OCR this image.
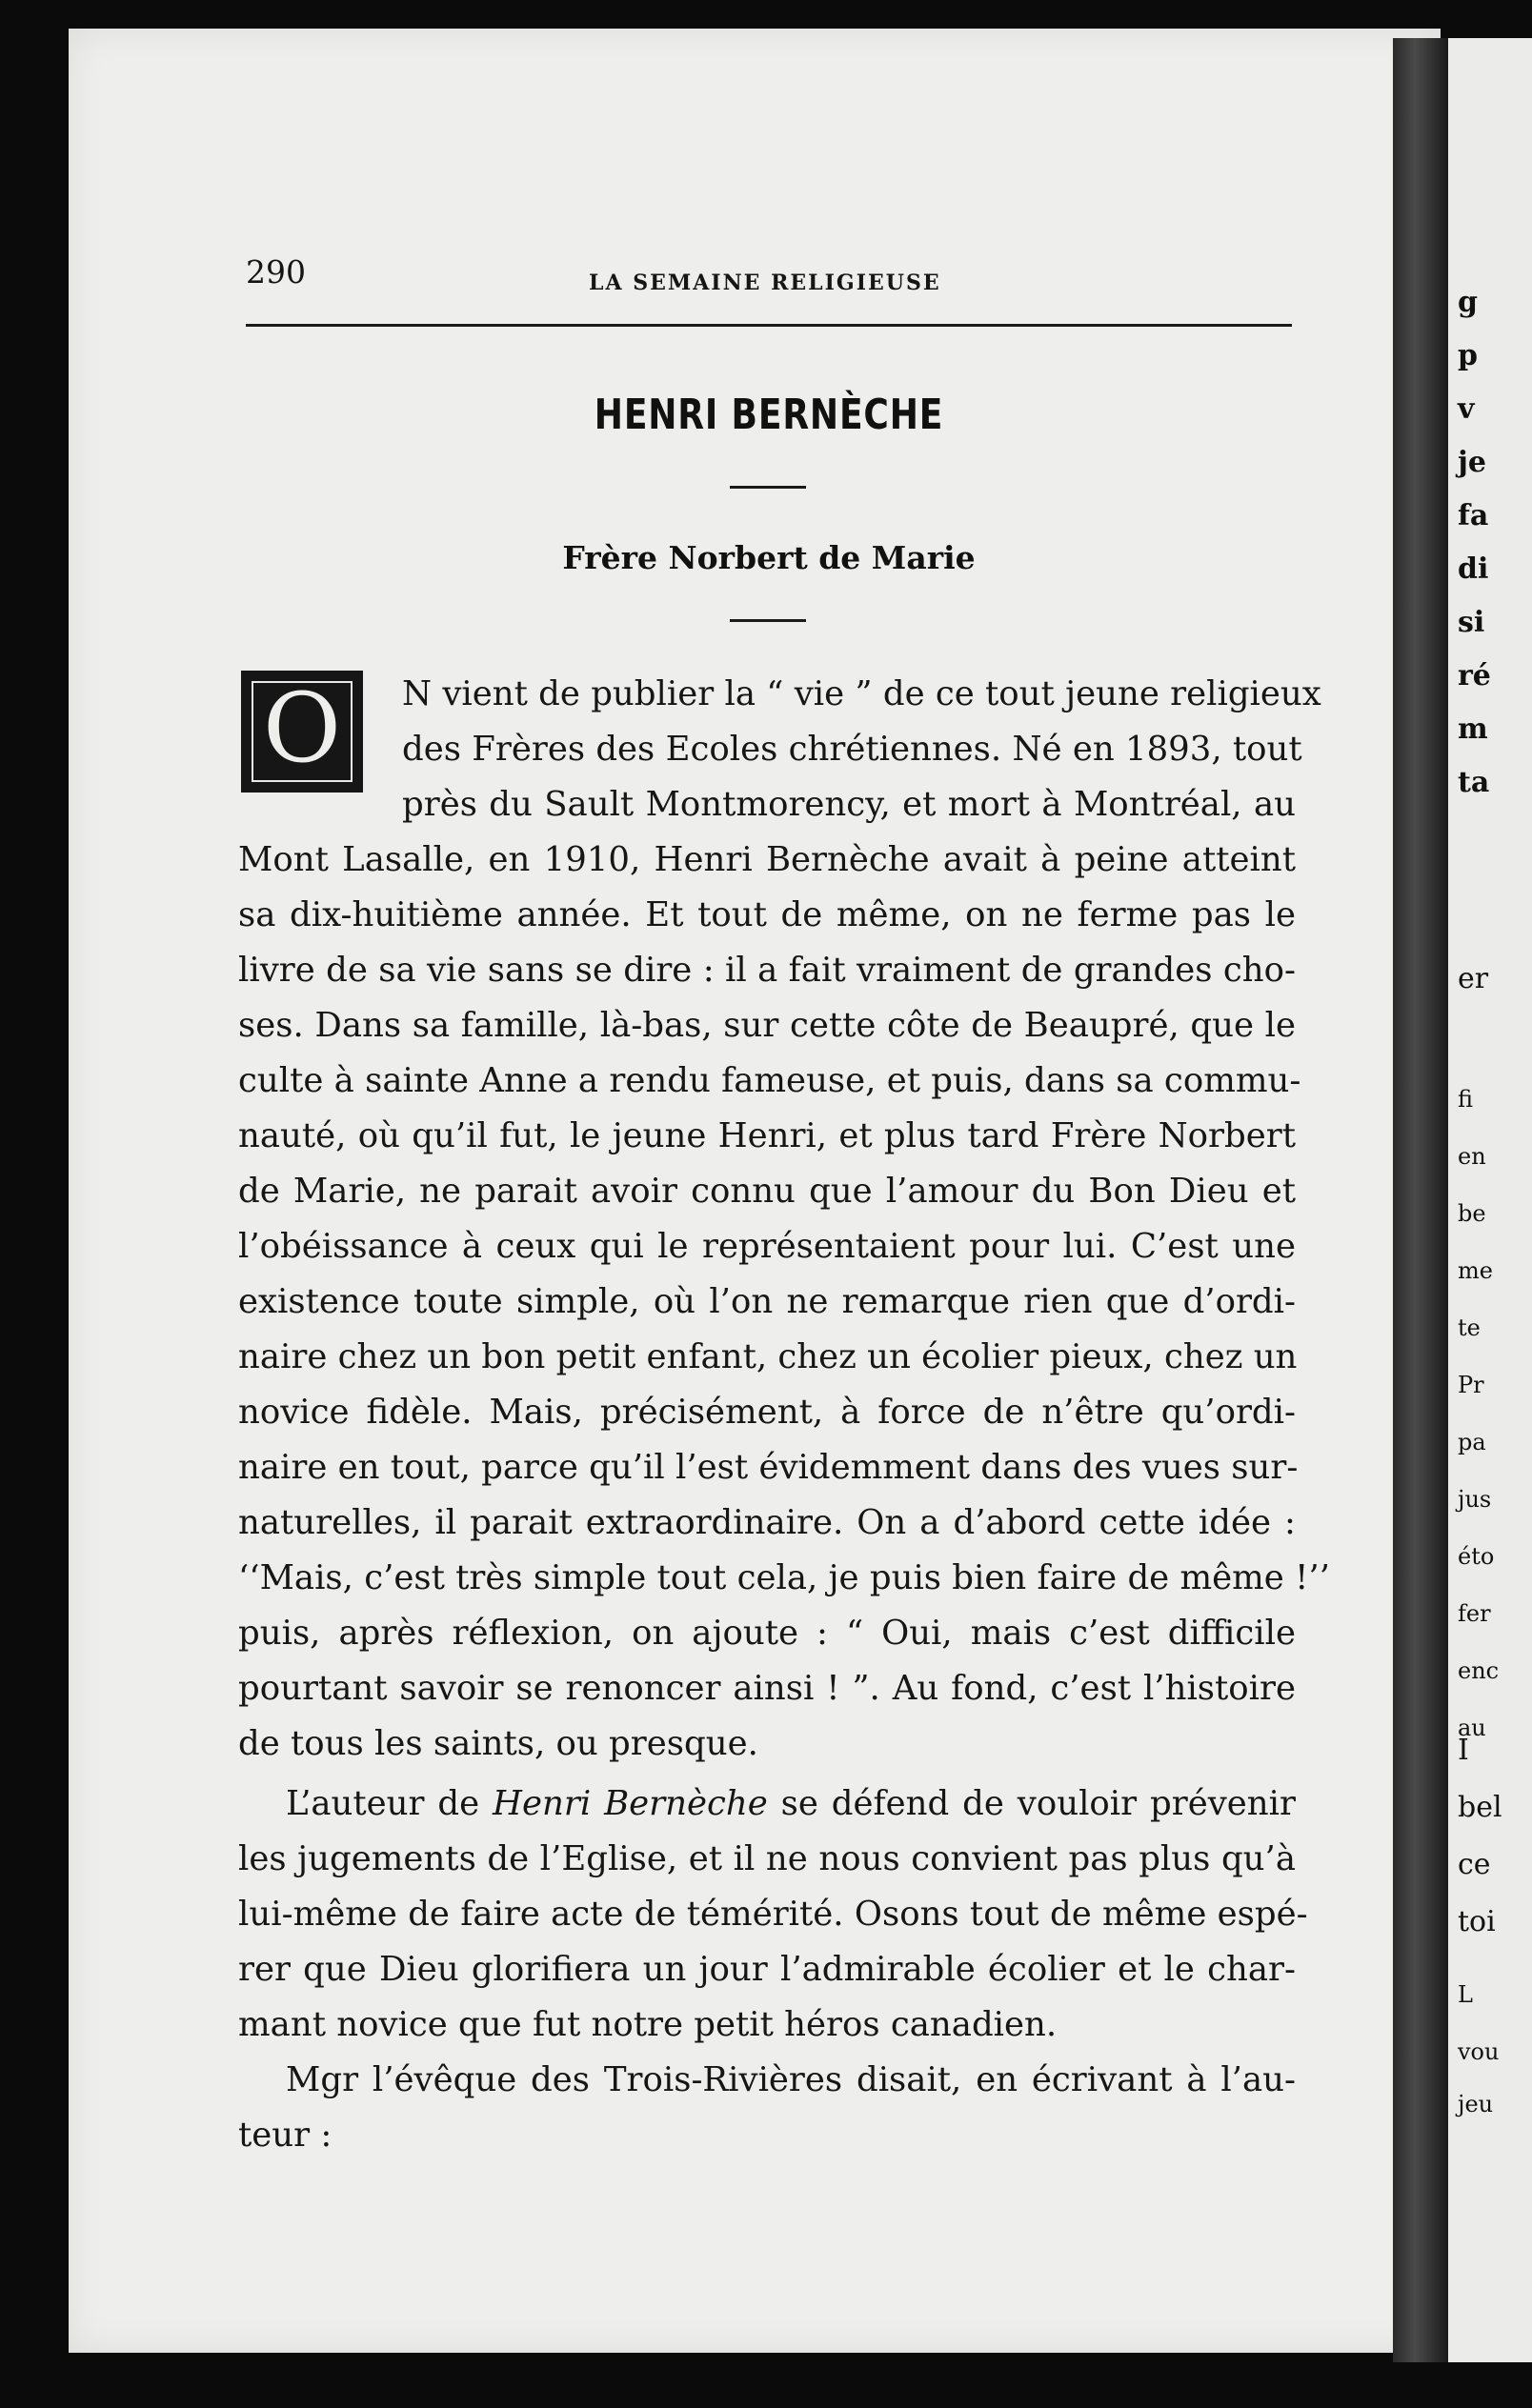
g
p
v
je
fa
di
si
ré
m
ta
er
fi
en
be
me
te
Pr
pa
jus
éto
fer
enc
au
I
bel
ce
toi
L
vou
jeu
290	LA SEMAINE RELIGIEUSE
HENRI BERNÈCHE
Frère Norbert de Marie
O	N vient de publier la “ vie ” de ce tout jeune religieux
des Frères des Ecoles chrétiennes. Né en 1893, tout
près du Sault Montmorency, et mort à Montréal, au
Mont Lasalle, en 1910, Henri Bernèche avait à peine atteint
sa dix-huitième année. Et tout de même, on ne ferme pas le
livre de sa vie sans se dire : il a fait vraiment de grandes cho-
ses. Dans sa famille, là-bas, sur cette côte de Beaupré, que le
culte à sainte Anne a rendu fameuse, et puis, dans sa commu-
nauté, où qu’il fut, le jeune Henri, et plus tard Frère Norbert
de Marie, ne parait avoir connu que l’amour du Bon Dieu et
l’obéissance à ceux qui le représentaient pour lui. C’est une
existence toute simple, où l’on ne remarque rien que d’ordi-
naire chez un bon petit enfant, chez un écolier pieux, chez un
novice fidèle. Mais, précisément, à force de n’être qu’ordi-
naire en tout, parce qu’il l’est évidemment dans des vues sur-
naturelles, il parait extraordinaire. On a d’abord cette idée :
‘‘Mais, c’est très simple tout cela, je puis bien faire de même !’’
puis, après réflexion, on ajoute : “ Oui, mais c’est difficile
pourtant savoir se renoncer ainsi ! ”. Au fond, c’est l’histoire
de tous les saints, ou presque.
L’auteur de Henri Bernèche se défend de vouloir prévenir
les jugements de l’Eglise, et il ne nous convient pas plus qu’à
lui-même de faire acte de témérité. Osons tout de même espé-
rer que Dieu glorifiera un jour l’admirable écolier et le char-
mant novice que fut notre petit héros canadien.
Mgr l’évêque des Trois-Rivières disait, en écrivant à l’au-
teur :
